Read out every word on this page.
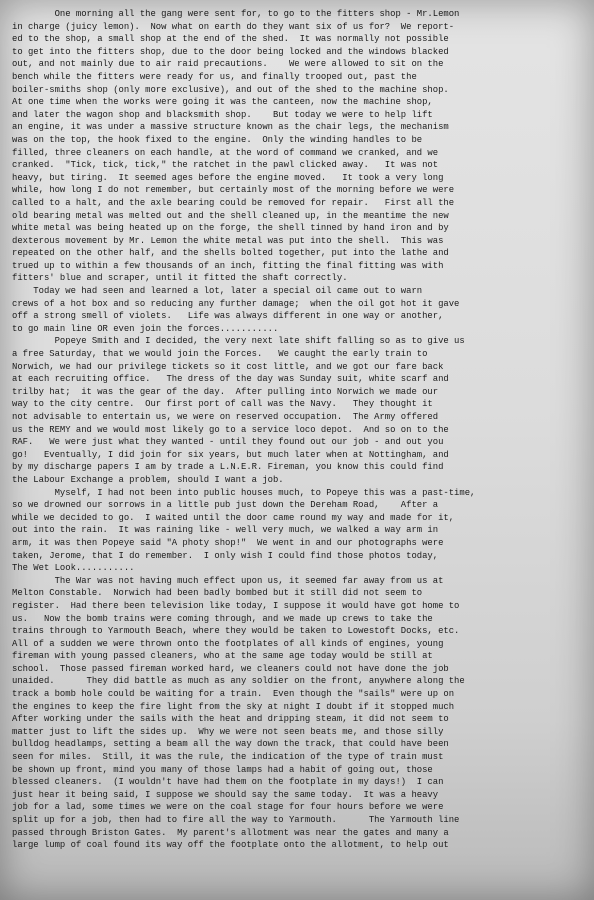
One morning all the gang were sent for, to go to the fitters shop - Mr.Lemon
in charge (juicy lemon).  Now what on earth do they want six of us for?  We report-
ed to the shop, a small shop at the end of the shed.  It was normally not possible
to get into the fitters shop, due to the door being locked and the windows blacked
out, and not mainly due to air raid precautions.    We were allowed to sit on the
bench while the fitters were ready for us, and finally trooped out, past the
boiler-smiths shop (only more exclusive), and out of the shed to the machine shop.
At one time when the works were going it was the canteen, now the machine shop,
and later the wagon shop and blacksmith shop.    But today we were to help lift
an engine, it was under a massive structure known as the chair legs, the mechanism
was on the top, the hook fixed to the engine.  Only the winding handles to be
filled, three cleaners on each handle, at the word of command we cranked, and we
cranked.  "Tick, tick, tick," the ratchet in the pawl clicked away.   It was not
heavy, but tiring.  It seemed ages before the engine moved.   It took a very long
while, how long I do not remember, but certainly most of the morning before we were
called to a halt, and the axle bearing could be removed for repair.   First all the
old bearing metal was melted out and the shell cleaned up, in the meantime the new
white metal was being heated up on the forge, the shell tinned by hand iron and by
dexterous movement by Mr. Lemon the white metal was put into the shell.  This was
repeated on the other half, and the shells bolted together, put into the lathe and
trued up to within a few thousands of an inch, fitting the final fitting was with
fitters' blue and scraper, until it fitted the shaft correctly.

Today we had seen and learned a lot, later a special oil came out to warn
crews of a hot box and so reducing any further damage;  when the oil got hot it gave
off a strong smell of violets.   Life was always different in one way or another,
to go main line OR even join the forces...........

Popeye Smith and I decided, the very next late shift falling so as to give us
a free Saturday, that we would join the Forces.   We caught the early train to
Norwich, we had our privilege tickets so it cost little, and we got our fare back
at each recruiting office.   The dress of the day was Sunday suit, white scarf and
trilby hat;  it was the gear of the day.  After pulling into Norwich we made our
way to the city centre.  Our first port of call was the Navy.   They thought it
not advisable to entertain us, we were on reserved occupation.  The Army offered
us the REMY and we would most likely go to a service loco depot.  And so on to the
RAF.   We were just what they wanted - until they found out our job - and out you
go!   Eventually, I did join for six years, but much later when at Nottingham, and
by my discharge papers I am by trade a L.N.E.R. Fireman, you know this could find
the Labour Exchange a problem, should I want a job.

Myself, I had not been into public houses much, to Popeye this was a past-time,
so we drowned our sorrows in a little pub just down the Dereham Road,    After a
while we decided to go.  I waited until the door came round my way and made for it,
out into the rain.  It was raining like - well very much, we walked a way arm in
arm, it was then Popeye said "A photy shop!"  We went in and our photographs were
taken, Jerome, that I do remember.  I only wish I could find those photos today,
The Wet Look...........

The War was not having much effect upon us, it seemed far away from us at
Melton Constable.  Norwich had been badly bombed but it still did not seem to
register.  Had there been television like today, I suppose it would have got home to
us.   Now the bomb trains were coming through, and we made up crews to take the
trains through to Yarmouth Beach, where they would be taken to Lowestoft Docks, etc.
All of a sudden we were thrown onto the footplates of all kinds of engines, young
fireman with young passed cleaners, who at the same age today would be still at
school.  Those passed fireman worked hard, we cleaners could not have done the job
unaided.      They did battle as much as any soldier on the front, anywhere along the
track a bomb hole could be waiting for a train.  Even though the "sails" were up on
the engines to keep the fire light from the sky at night I doubt if it stopped much
After working under the sails with the heat and dripping steam, it did not seem to
matter just to lift the sides up.  Why we were not seen beats me, and those silly
bulldog headlamps, setting a beam all the way down the track, that could have been
seen for miles.  Still, it was the rule, the indication of the type of train must
be shown up front, mind you many of those lamps had a habit of going out, those
blessed cleaners.  (I wouldn't have had them on the footplate in my days!)  I can
just hear it being said, I suppose we should say the same today.  It was a heavy
job for a lad, some times we were on the coal stage for four hours before we were
split up for a job, then had to fire all the way to Yarmouth.      The Yarmouth line
passed through Briston Gates.  My parent's allotment was near the gates and many a
large lump of coal found its way off the footplate onto the allotment, to help out
